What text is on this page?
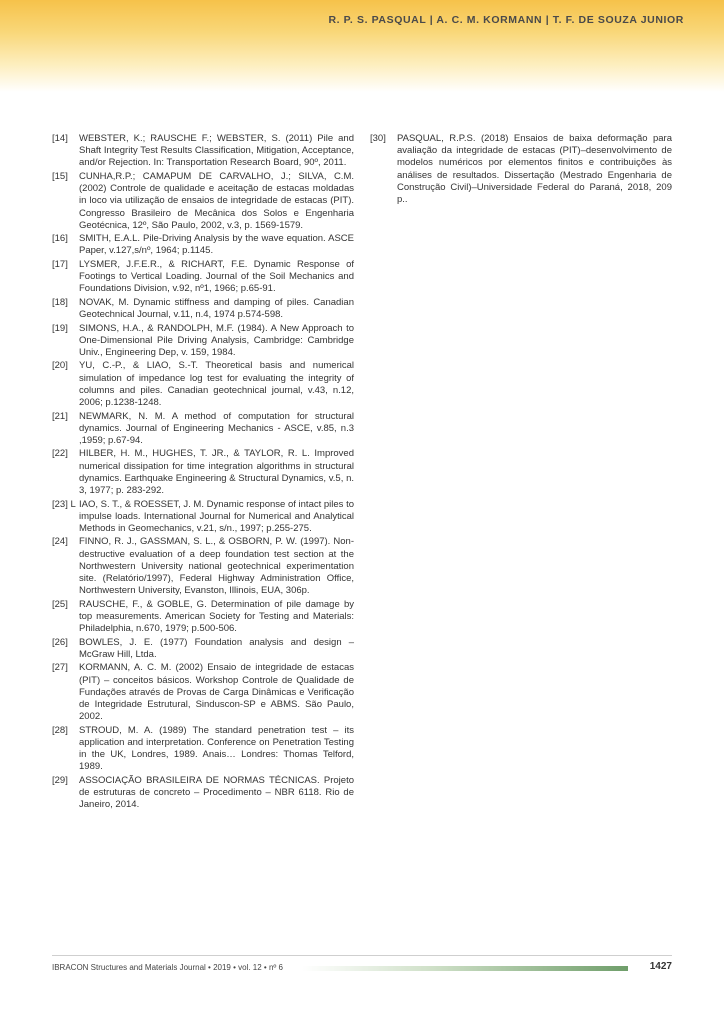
R. P. S. PASQUAL | A. C. M. KORMANN | T. F. DE SOUZA JUNIOR
[14]	WEBSTER, K.; RAUSCHE F.; WEBSTER, S. (2011) Pile and Shaft Integrity Test Results Classification, Mitigation, Acceptance, and/or Rejection. In: Transportation Research Board, 90º, 2011.
[15]	CUNHA,R.P.; CAMAPUM DE CARVALHO, J.; SILVA, C.M. (2002) Controle de qualidade e aceitação de estacas moldadas in loco via utilização de ensaios de integridade de estacas (PIT). Congresso Brasileiro de Mecânica dos Solos e Engenharia Geotécnica, 12º, São Paulo, 2002, v.3, p. 1569-1579.
[16]	SMITH, E.A.L. Pile-Driving Analysis by the wave equation. ASCE Paper, v.127,s/nº, 1964; p.1145.
[17]	LYSMER, J.F.E.R., & RICHART, F.E. Dynamic Response of Footings to Vertical Loading. Journal of the Soil Mechanics and Foundations Division, v.92, nº1, 1966; p.65-91.
[18]	NOVAK, M. Dynamic stiffness and damping of piles. Canadian Geotechnical Journal, v.11, n.4, 1974 p.574-598.
[19]	SIMONS, H.A., & RANDOLPH, M.F. (1984). A New Approach to One-Dimensional Pile Driving Analysis, Cambridge: Cambridge Univ., Engineering Dep, v. 159, 1984.
[20]	YU, C.-P., & LIAO, S.-T. Theoretical basis and numerical simulation of impedance log test for evaluating the integrity of columns and piles. Canadian geotechnical journal, v.43, n.12, 2006; p.1238-1248.
[21]	NEWMARK, N. M. A method of computation for structural dynamics. Journal of Engineering Mechanics - ASCE, v.85, n.3 ,1959; p.67-94.
[22]	HILBER, H. M., HUGHES, T. JR., & TAYLOR, R. L. Improved numerical dissipation for time integration algorithms in structural dynamics. Earthquake Engineering & Structural Dynamics, v.5, n. 3, 1977; p. 283-292.
[23] L IAO, S. T., & ROESSET, J. M. Dynamic response of intact piles to impulse loads. International Journal for Numerical and Analytical Methods in Geomechanics, v.21, s/n., 1997; p.255-275.
[24]	FINNO, R. J., GASSMAN, S. L., & OSBORN, P. W. (1997). Non-destructive evaluation of a deep foundation test section at the Northwestern University national geotechnical experimentation site. (Relatório/1997), Federal Highway Administration Office, Northwestern University, Evanston, Illinois, EUA, 306p.
[25]	RAUSCHE, F., & GOBLE, G. Determination of pile damage by top measurements. American Society for Testing and Materials: Philadelphia, n.670, 1979; p.500-506.
[26]	BOWLES, J. E. (1977) Foundation analysis and design – McGraw Hill, Ltda.
[27]	KORMANN, A. C. M. (2002) Ensaio de integridade de estacas (PIT) – conceitos básicos. Workshop Controle de Qualidade de Fundações através de Provas de Carga Dinâmicas e Verificação de Integridade Estrutural, Sinduscon-SP e ABMS. São Paulo, 2002.
[28]	STROUD, M. A. (1989) The standard penetration test – its application and interpretation. Conference on Penetration Testing in the UK, Londres, 1989. Anais… Londres: Thomas Telford, 1989.
[29]	ASSOCIAÇÃO BRASILEIRA DE NORMAS TÉCNICAS. Projeto de estruturas de concreto – Procedimento – NBR 6118. Rio de Janeiro, 2014.
[30]	PASQUAL, R.P.S. (2018) Ensaios de baixa deformação para avaliação da integridade de estacas (PIT)–desenvolvimento de modelos numéricos por elementos finitos e contribuições às análises de resultados. Dissertação (Mestrado Engenharia de Construção Civil)–Universidade Federal do Paraná, 2018, 209 p..
IBRACON Structures and Materials Journal • 2019 • vol. 12 • nº 6	1427
